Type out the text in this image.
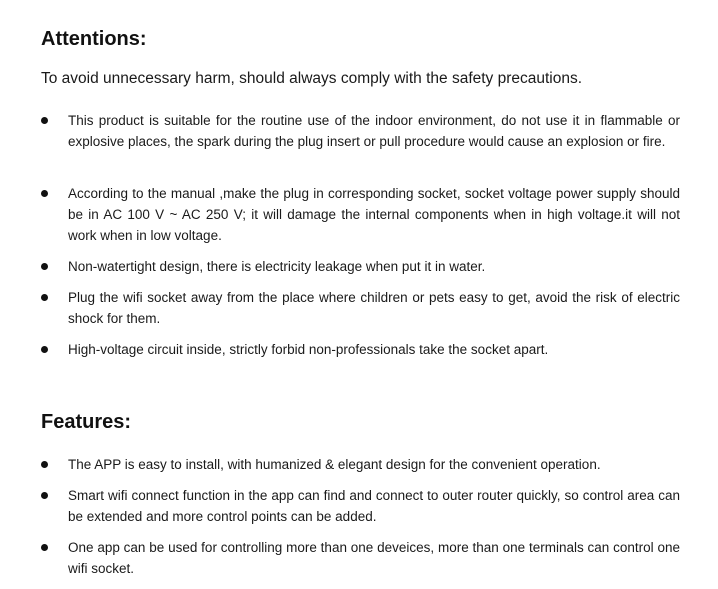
Attentions:

To avoid unnecessary harm, should always comply with the safety precautions.

This product is suitable for the routine use of the indoor environment, do not use it in flammable or explosive places, the spark during the plug insert or pull procedure would cause an explosion or fire.

According to the manual ,make the plug in corresponding socket, socket voltage power supply should be in AC 100 V ~ AC 250 V; it will damage the internal components when in high voltage.it will not work when in low voltage.

Non-watertight design, there is electricity leakage when put it in water.

Plug the wifi socket away from the place where children or pets easy to get, avoid the risk of electric shock for them.

High-voltage circuit inside, strictly forbid non-professionals take the socket apart.

Features:

The APP is easy to install, with humanized & elegant design for the convenient operation.

Smart wifi connect function in the app can find and connect to outer router quickly, so control area can be extended and more control points can be added.

One app can be used for controlling more than one deveices, more than one terminals can control one wifi socket.
